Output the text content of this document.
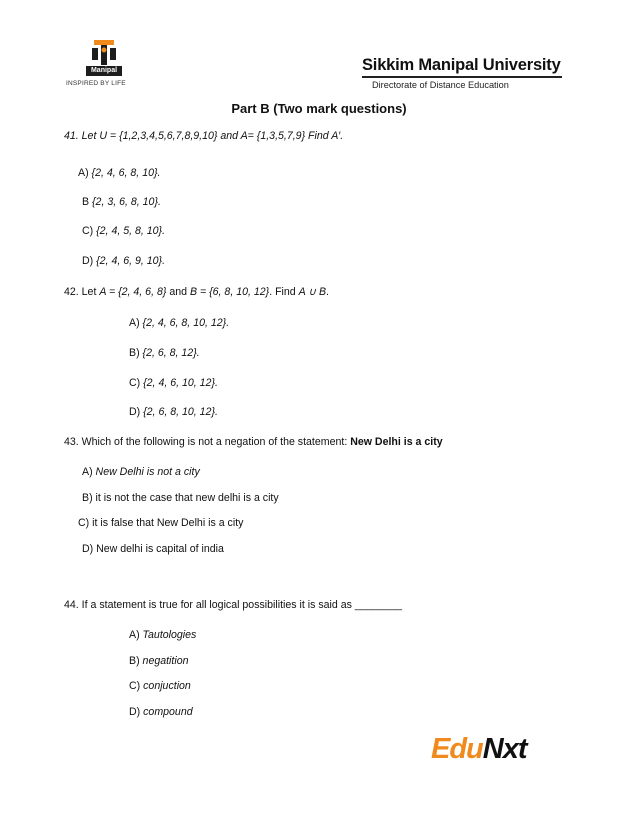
Manipal
INSPIRED BY LIFE
Sikkim Manipal University
Directorate of Distance Education
Part B (Two mark questions)
41. Let U = {1,2,3,4,5,6,7,8,9,10} and A= {1,3,5,7,9} Find A′.
A) {2, 4, 6, 8, 10}.
B {2, 3, 6, 8, 10}.
C) {2, 4, 5, 8, 10}.
D) {2, 4, 6, 9, 10}.
42. Let A = {2, 4, 6, 8} and B = {6, 8, 10, 12}. Find A ∪ B.
A) {2, 4, 6, 8, 10, 12}.
B) {2, 6, 8, 12}.
C) {2, 4, 6, 10, 12}.
D) {2, 6, 8, 10, 12}.
43. Which of the following is not a negation of the statement: New Delhi is a city
A) New Delhi is not a city
B) it is not the case that new delhi is a city
C) it is false that New Delhi is a city
D) New delhi is capital of india
44. If a statement is true for all logical possibilities it is said as ________
A) Tautologies
B) negatition
C) conjuction
D) compound
EduNxt
